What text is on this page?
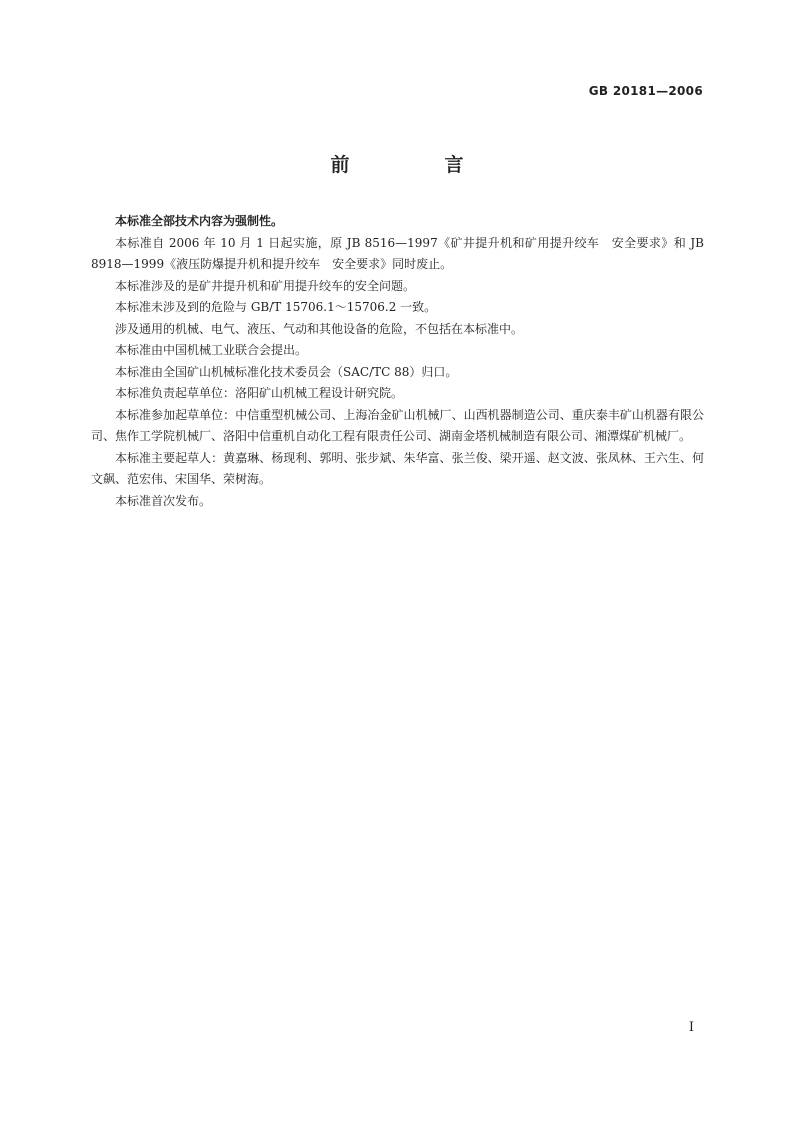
GB 20181—2006
前　言

本标准全部技术内容为强制性。

本标准自 2006 年 10 月 1 日起实施，原 JB 8516—1997《矿井提升机和矿用提升绞车　安全要求》和 JB 8918—1999《液压防爆提升机和提升绞车　安全要求》同时废止。

本标准涉及的是矿井提升机和矿用提升绞车的安全问题。

本标准未涉及到的危险与 GB/T 15706.1～15706.2 一致。

涉及通用的机械、电气、液压、气动和其他设备的危险，不包括在本标准中。

本标准由中国机械工业联合会提出。

本标准由全国矿山机械标准化技术委员会（SAC/TC 88）归口。

本标准负责起草单位：洛阳矿山机械工程设计研究院。

本标准参加起草单位：中信重型机械公司、上海冶金矿山机械厂、山西机器制造公司、重庆泰丰矿山机器有限公司、焦作工学院机械厂、洛阳中信重机自动化工程有限责任公司、湖南金塔机械制造有限公司、湘潭煤矿机械厂。

本标准主要起草人：黄嘉琳、杨现利、郭明、张步斌、朱华富、张兰俊、梁开遥、赵文波、张凤林、王六生、何文飙、范宏伟、宋国华、荣树海。

本标准首次发布。

I
